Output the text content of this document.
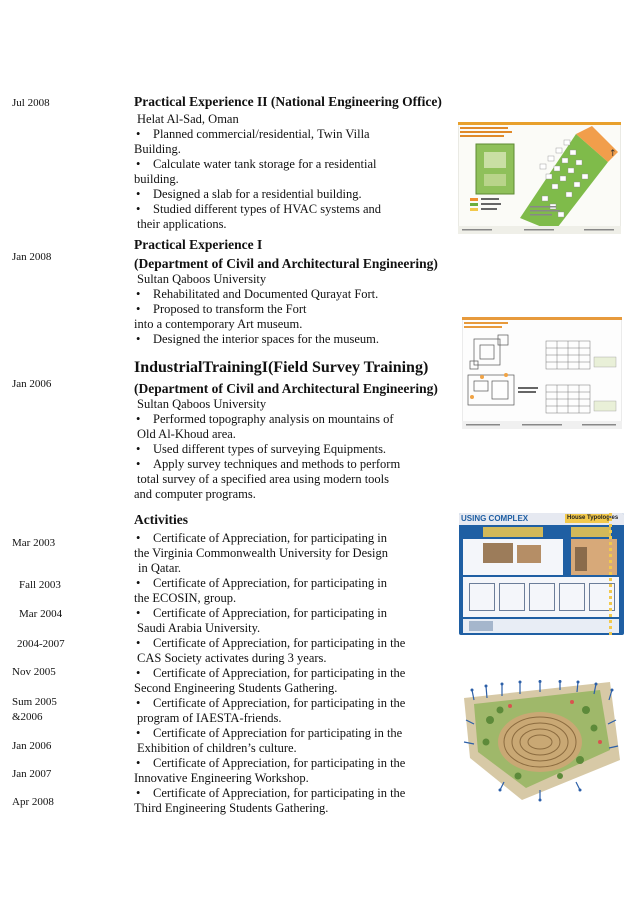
Jul 2008
Jan 2008
Jan 2006
Mar 2003
Fall 2003
Mar 2004
2004-2007
Nov 2005
Sum 2005
&2006
Jan 2006
Jan 2007
Apr 2008
Practical Experience II (National Engineering Office)
Helat Al-Sad, Oman
• Planned commercial/residential, Twin Villa
Building.
• Calculate water tank storage for a residential
building.
• Designed a slab for a residential building.
• Studied different types of HVAC systems and
their applications.
Practical Experience I
(Department of Civil and Architectural Engineering)
Sultan Qaboos University
• Rehabilitated and Documented Qurayat Fort.
• Proposed to transform the Fort
into a contemporary Art museum.
• Designed the interior spaces for the museum.
IndustrialTrainingI(Field Survey Training)
(Department of Civil and Architectural Engineering)
Sultan Qaboos University
• Performed topography analysis on mountains of
Old Al-Khoud area.
• Used different types of surveying Equipments.
• Apply survey techniques and methods to perform
total survey of a specified area using modern tools
and computer programs.
Activities
• Certificate of Appreciation, for participating in
the Virginia Commonwealth University for Design
in Qatar.
• Certificate of Appreciation, for participating in
the ECOSIN, group.
• Certificate of Appreciation, for participating in
Saudi Arabia University.
• Certificate of Appreciation, for participating in the
CAS Society activates during 3 years.
• Certificate of Appreciation, for participating in the
Second Engineering Students Gathering.
• Certificate of Appreciation, for participating in the
program of IAESTA-friends.
• Certificate of Appreciation for participating in the
Exhibition of children’s culture.
• Certificate of Appreciation, for participating in the
Innovative Engineering Workshop.
• Certificate of Appreciation, for participating in the
Third Engineering Students Gathering.
↑
USING COMPLEX	House Typologies
